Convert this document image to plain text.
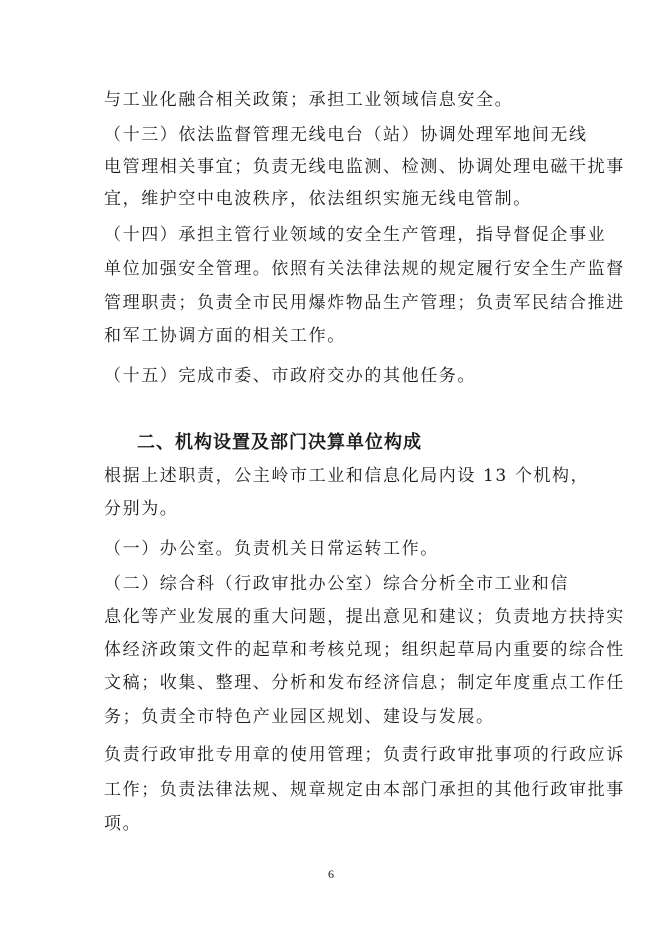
与工业化融合相关政策；承担工业领域信息安全。
（十三）依法监督管理无线电台（站）协调处理军地间无线
电管理相关事宜；负责无线电监测、检测、协调处理电磁干扰事
宜，维护空中电波秩序，依法组织实施无线电管制。
（十四）承担主管行业领域的安全生产管理，指导督促企事业
单位加强安全管理。依照有关法律法规的规定履行安全生产监督
管理职责；负责全市民用爆炸物品生产管理；负责军民结合推进
和军工协调方面的相关工作。
（十五）完成市委、市政府交办的其他任务。
二、机构设置及部门决算单位构成
根据上述职责，公主岭市工业和信息化局内设 13 个机构，
分别为。
（一）办公室。负责机关日常运转工作。
（二）综合科（行政审批办公室）综合分析全市工业和信
息化等产业发展的重大问题，提出意见和建议；负责地方扶持实
体经济政策文件的起草和考核兑现；组织起草局内重要的综合性
文稿；收集、整理、分析和发布经济信息；制定年度重点工作任
务；负责全市特色产业园区规划、建设与发展。
负责行政审批专用章的使用管理；负责行政审批事项的行政应诉
工作；负责法律法规、规章规定由本部门承担的其他行政审批事
项。
6
